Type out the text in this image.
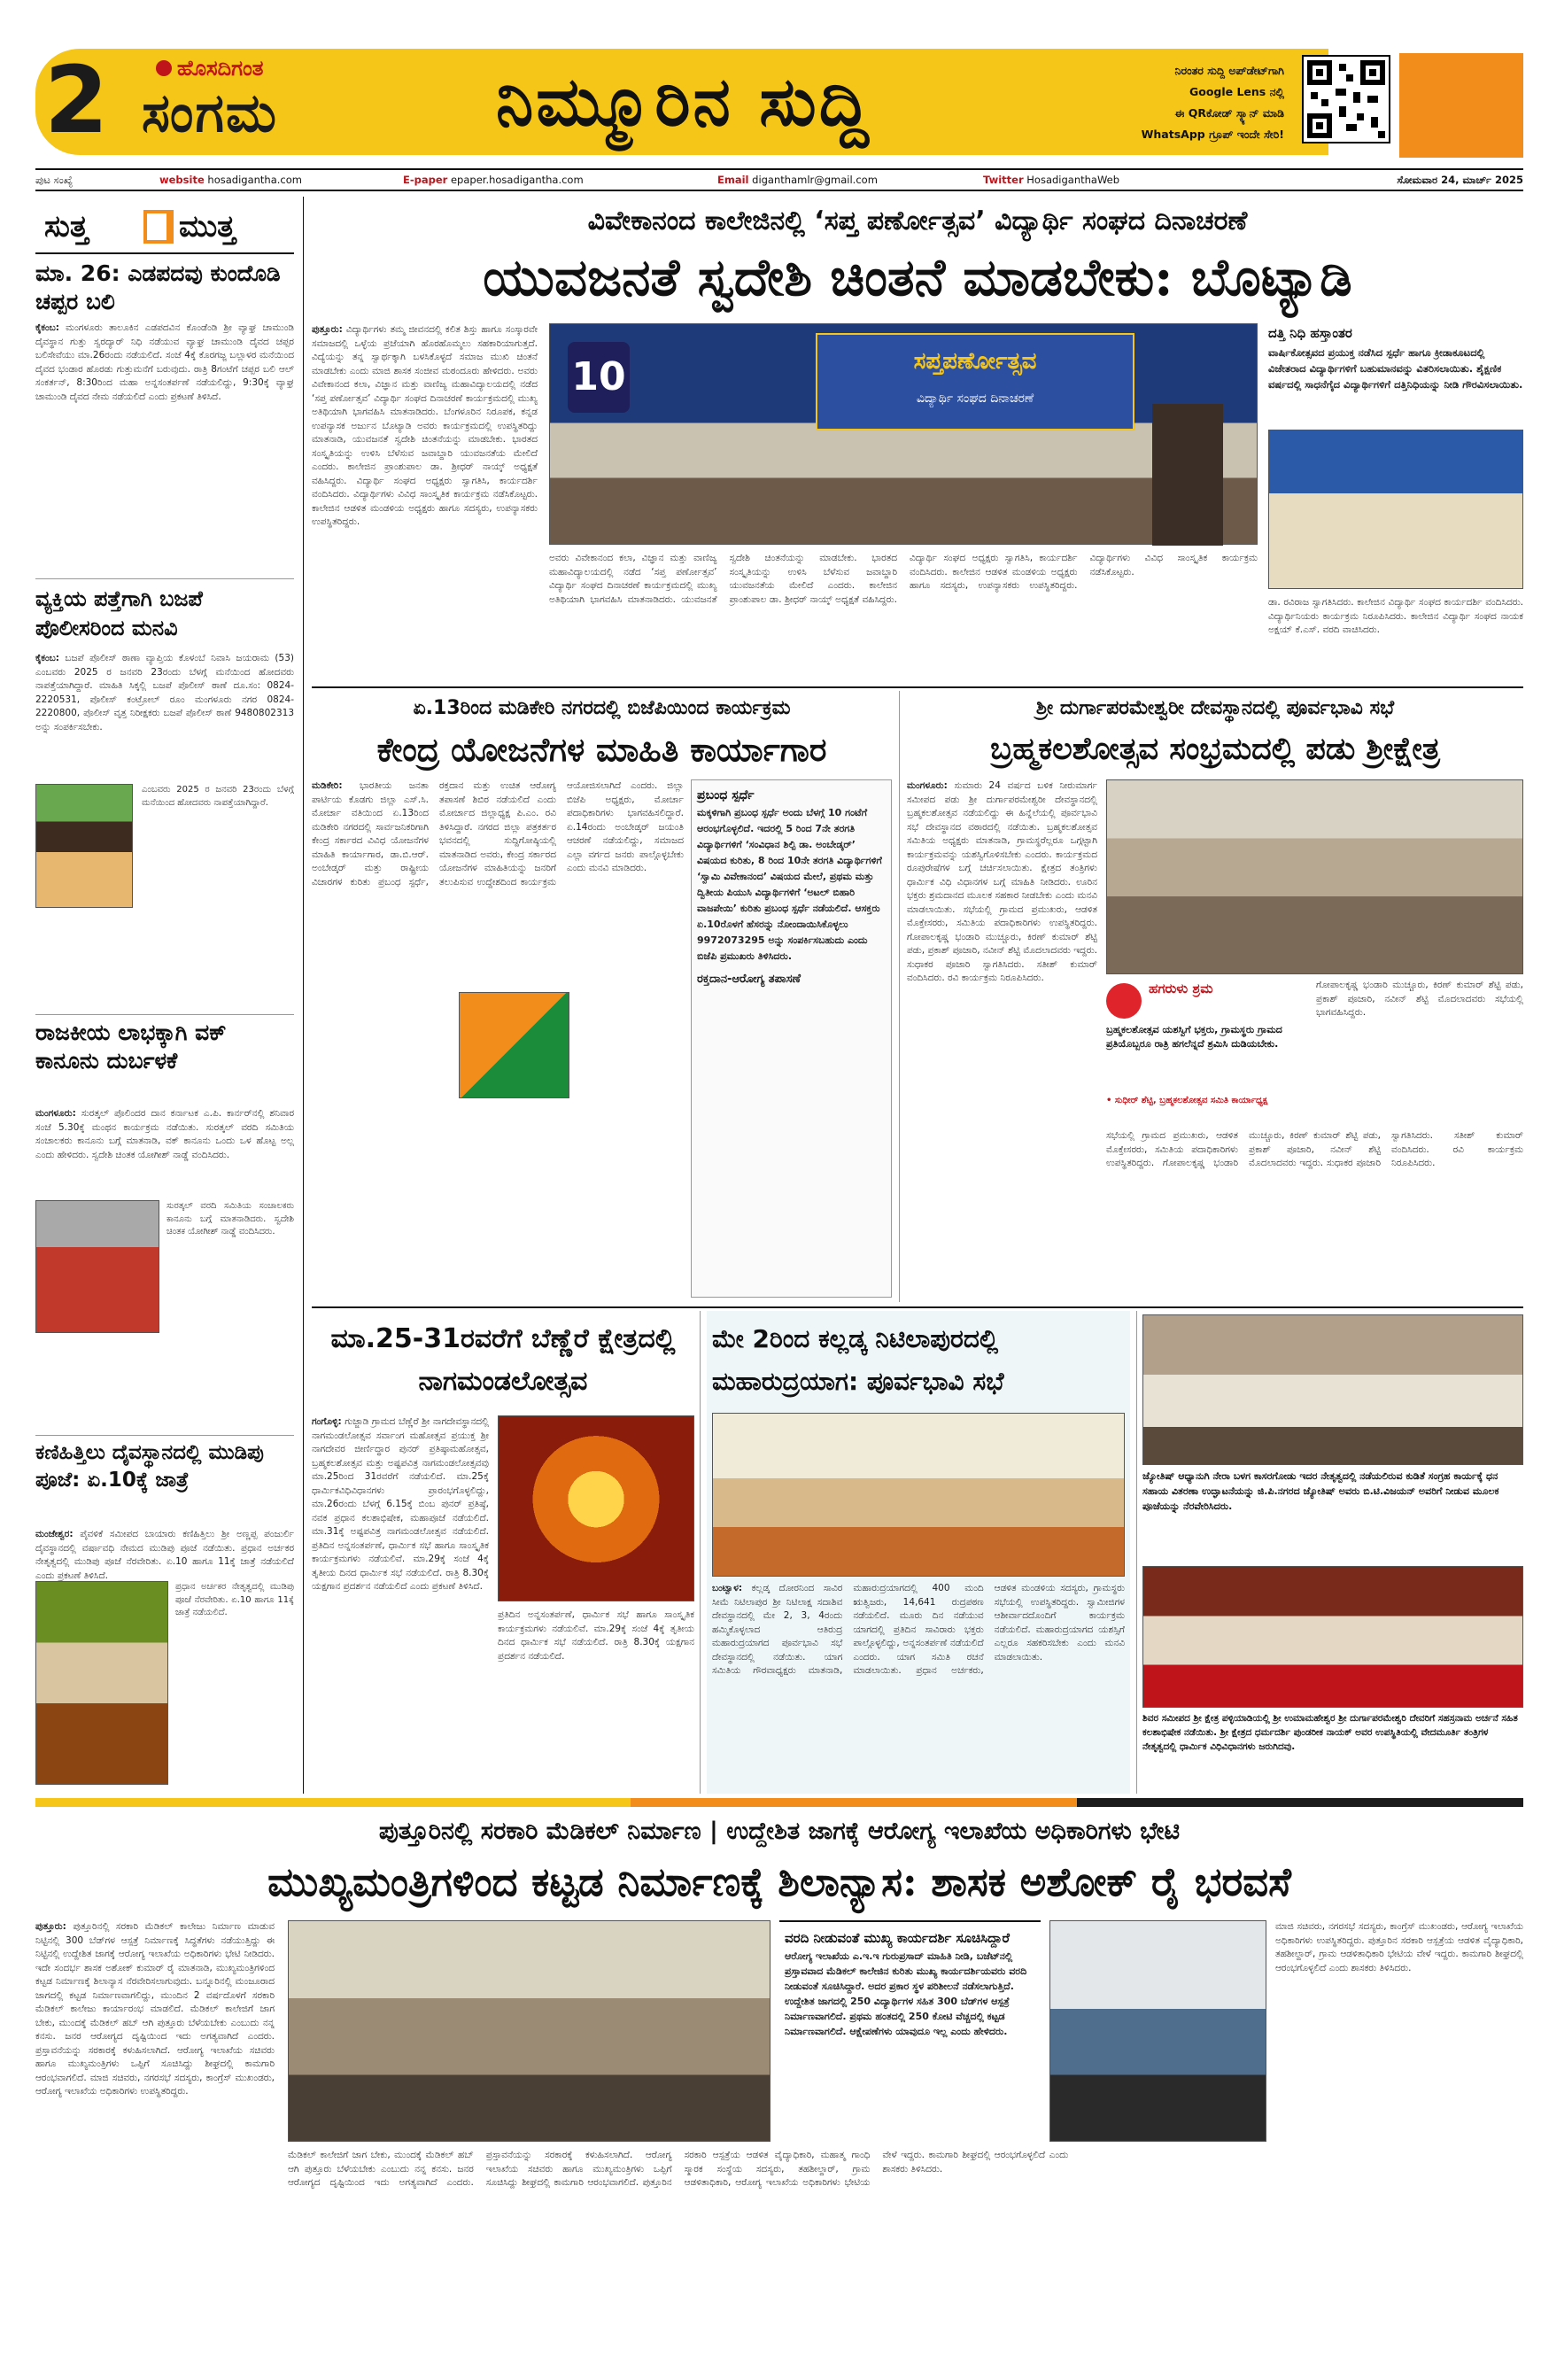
2	ಹೊಸದಿಗಂತ
ಸಂಗಮ	ನಿಮ್ಮೂರಿನ ಸುದ್ದಿ	ನಿರಂತರ ಸುದ್ದಿ ಅಪ್‌ಡೇಟ್‌ಗಾಗಿ
Google Lens ನಲ್ಲಿ
ಈ QRಕೋಡ್ ಸ್ಕ್ಯಾನ್ ಮಾಡಿ
WhatsApp ಗ್ರೂಪ್ ಇಂದೇ ಸೇರಿ!
ಪುಟ ಸಂಖ್ಯೆ	website hosadigantha.com	E-paper epaper.hosadigantha.com	Email diganthamlr@gmail.com	Twitter HosadiganthaWeb	ಸೋಮವಾರ 24, ಮಾರ್ಚ್ 2025
ಸುತ್ತ	ಮುತ್ತ
ಮಾ. 26: ಎಡಪದವು ಕುಂದೊಡಿ ಚಪ್ಪರ ಬಲಿ
ಕೈಕಂಬ: ಮಂಗಳೂರು ತಾಲೂಕಿನ ಎಡಪದವಿನ ಕೊಂಡೆಂಡಿ ಶ್ರೀ ವ್ಯಾಘ್ರ ಚಾಮುಂಡಿ ದೈವಸ್ಥಾನ ಗುತ್ತು ಸ್ವರದ್ಯಾರ್ ನಿಧಿ ನಡೆಯುವ ವ್ಯಾಘ್ರ ಚಾಮುಂಡಿ ದೈವದ ಚಪ್ಪರ ಬಲಿಸೇವೆಯು ಮಾ.26ರಂದು ನಡೆಯಲಿದೆ. ಸಂಜೆ 4ಕ್ಕೆ ಕೊರಗಜ್ಜ ಬಲ್ಲಾಳರ ಮನೆಯಿಂದ ದೈವದ ಭಂಡಾರ ಹೊರಡು ಗುತ್ತುಮನೆಗೆ ಬರುವುದು. ರಾತ್ರಿ 8ಗಂಟೆಗೆ ಚಪ್ಪರ ಬಲಿ ಆಲ್ ಸಂಕರ್ತನ್, 8:30ರಿಂದ ಮಹಾ ಅನ್ನಸಂತರ್ಪಣೆ ನಡೆಯಲಿದ್ದು, 9:30ಕ್ಕೆ ವ್ಯಾಘ್ರ ಚಾಮುಂಡಿ ದೈವದ ನೇಮ ನಡೆಯಲಿದೆ ಎಂದು ಪ್ರಕಟಣೆ ತಿಳಿಸಿದೆ.
ವ್ಯಕ್ತಿಯ ಪತ್ತೆಗಾಗಿ ಬಜಪೆ ಪೊಲೀಸರಿಂದ ಮನವಿ
ಕೈಕಂಬ: ಬಜಪೆ ಪೊಲೀಸ್ ಠಾಣಾ ವ್ಯಾಪ್ತಿಯ ಕೊಳಂಬೆ ನಿವಾಸಿ ಜಯರಾಮ (53) ಎಂಬವರು 2025 ರ ಜನವರಿ 23ರಂದು ಬೆಳಗ್ಗೆ ಮನೆಯಿಂದ ಹೋದವರು ನಾಪತ್ತೆಯಾಗಿದ್ದಾರೆ. ಮಾಹಿತಿ ಸಿಕ್ಕಲ್ಲಿ ಬಜಪೆ ಪೊಲೀಸ್ ಠಾಣೆ ದೂ.ಸಂ: 0824-2220531, ಪೊಲೀಸ್ ಕಂಟ್ರೋಲ್ ರೂಂ ಮಂಗಳೂರು ನಗರ 0824-2220800, ಪೊಲೀಸ್ ವೃತ್ತ ನಿರೀಕ್ಷಕರು ಬಜಪೆ ಪೊಲೀಸ್ ಠಾಣೆ 9480802313 ಅನ್ನು ಸಂಪರ್ಕಿಸಬೇಕು.
ಎಂಬವರು 2025 ರ ಜನವರಿ 23ರಂದು ಬೆಳಗ್ಗೆ ಮನೆಯಿಂದ ಹೋದವರು ನಾಪತ್ತೆಯಾಗಿದ್ದಾರೆ.
ರಾಜಕೀಯ ಲಾಭಕ್ಕಾಗಿ ವಕ್ ಕಾನೂನು ದುರ್ಬಳಕೆ
ಮಂಗಳೂರು: ಸುರತ್ಕಲ್ ಪೊಲಿಂದರ ದಾನ ಕರ್ನಾಟಕ ಎ.ಪಿ. ಕಾರ್ನರ್‌ನಲ್ಲಿ ಶನಿವಾರ ಸಂಜೆ 5.30ಕ್ಕೆ ಮಂಥನ ಕಾರ್ಯಕ್ರಮ ನಡೆಯಿತು. ಸುರತ್ಕಲ್ ವರದಿ ಸಮಿತಿಯ ಸಂಚಾಲಕರು ಕಾನೂನು ಬಗ್ಗೆ ಮಾತನಾಡಿ, ವಕ್ ಕಾನೂನು ಒಂದು ಒಳ ಹೊಟ್ಟ ಅಲ್ಲ ಎಂದು ಹೇಳಿದರು. ಸ್ವದೇಶಿ ಚಿಂತಕ ಯೋಗೀಶ್ ನಾಡ್ಡೆ ವಂದಿಸಿದರು.
ಸುರತ್ಕಲ್ ವರದಿ ಸಮಿತಿಯ ಸಂಚಾಲಕರು ಕಾನೂನು ಬಗ್ಗೆ ಮಾತನಾಡಿದರು. ಸ್ವದೇಶಿ ಚಿಂತಕ ಯೋಗೀಶ್ ನಾಡ್ಡೆ ವಂದಿಸಿದರು.
ಕಣಿಹಿತ್ತಿಲು ದೈವಸ್ಥಾನದಲ್ಲಿ ಮುಡಿಪು ಪೂಜೆ: ಏ.10ಕ್ಕೆ ಜಾತ್ರೆ
ಮಂಜೇಶ್ವರ: ಪೈವಳಿಕೆ ಸಮೀಪದ ಬಾಯಾರು ಕಣಿಹಿತ್ತಿಲು ಶ್ರೀ ಅಣ್ಣಪ್ಪ ಪಂಜುರ್ಲಿ ದೈವಸ್ಥಾನದಲ್ಲಿ ವರ್ಷಾವಧಿ ನೇಮದ ಮುಡಿಪು ಪೂಜೆ ನಡೆಯಿತು. ಪ್ರಧಾನ ಅರ್ಚಕರ ನೇತೃತ್ವದಲ್ಲಿ ಮುಡಿಪು ಪೂಜೆ ನೆರವೇರಿತು. ಏ.10 ಹಾಗೂ 11ಕ್ಕೆ ಜಾತ್ರೆ ನಡೆಯಲಿದೆ ಎಂದು ಪ್ರಕಟಣೆ ತಿಳಿಸಿದೆ.
ಪ್ರಧಾನ ಅರ್ಚಕರ ನೇತೃತ್ವದಲ್ಲಿ ಮುಡಿಪು ಪೂಜೆ ನೆರವೇರಿತು. ಏ.10 ಹಾಗೂ 11ಕ್ಕೆ ಜಾತ್ರೆ ನಡೆಯಲಿದೆ.
ವಿವೇಕಾನಂದ ಕಾಲೇಜಿನಲ್ಲಿ ‘ಸಪ್ತ ಪರ್ಣೋತ್ಸವ’ ವಿದ್ಯಾರ್ಥಿ ಸಂಘದ ದಿನಾಚರಣೆ
ಯುವಜನತೆ ಸ್ವದೇಶಿ ಚಿಂತನೆ ಮಾಡಬೇಕು: ಬೊಟ್ಯಾಡಿ
ಪುತ್ತೂರು: ವಿದ್ಯಾರ್ಥಿಗಳು ತಮ್ಮ ಜೀವನದಲ್ಲಿ ಕಲಿತ ಶಿಸ್ತು ಹಾಗೂ ಸಂಸ್ಕಾರವೇ ಸಮಾಜದಲ್ಲಿ ಒಳ್ಳೆಯ ಪ್ರಜೆಯಾಗಿ ಹೊರಹೊಮ್ಮಲು ಸಹಕಾರಿಯಾಗುತ್ತದೆ. ವಿದ್ಯೆಯನ್ನು ತನ್ನ ಸ್ವಾರ್ಥಕ್ಕಾಗಿ ಬಳಸಿಕೊಳ್ಳದೆ ಸಮಾಜ ಮುಖಿ ಚಿಂತನೆ ಮಾಡಬೇಕು ಎಂದು ಮಾಜಿ ಶಾಸಕ ಸಂಜೀವ ಮಠಂದೂರು ಹೇಳಿದರು. ಅವರು ವಿವೇಕಾನಂದ ಕಲಾ, ವಿಜ್ಞಾನ ಮತ್ತು ವಾಣಿಜ್ಯ ಮಹಾವಿದ್ಯಾಲಯದಲ್ಲಿ ನಡೆದ ‘ಸಪ್ತ ಪರ್ಣೋತ್ಸವ’ ವಿದ್ಯಾರ್ಥಿ ಸಂಘದ ದಿನಾಚರಣೆ ಕಾರ್ಯಕ್ರಮದಲ್ಲಿ ಮುಖ್ಯ ಅತಿಥಿಯಾಗಿ ಭಾಗವಹಿಸಿ ಮಾತನಾಡಿದರು. ಬೆಂಗಳೂರಿನ ನಿರೂಪಕ, ಕನ್ನಡ ಉಪನ್ಯಾಸಕ ಅರ್ಜುನ ಬೊಟ್ಯಾಡಿ ಅವರು ಕಾರ್ಯಕ್ರಮದಲ್ಲಿ ಉಪಸ್ಥಿತರಿದ್ದು ಮಾತನಾಡಿ, ಯುವಜನತೆ ಸ್ವದೇಶಿ ಚಿಂತನೆಯನ್ನು ಮಾಡಬೇಕು. ಭಾರತದ ಸಂಸ್ಕೃತಿಯನ್ನು ಉಳಿಸಿ ಬೆಳೆಸುವ ಜವಾಬ್ದಾರಿ ಯುವಜನತೆಯ ಮೇಲಿದೆ ಎಂದರು. ಕಾಲೇಜಿನ ಪ್ರಾಂಶುಪಾಲ ಡಾ. ಶ್ರೀಧರ್ ನಾಯ್ಕ್ ಅಧ್ಯಕ್ಷತೆ ವಹಿಸಿದ್ದರು. ವಿದ್ಯಾರ್ಥಿ ಸಂಘದ ಅಧ್ಯಕ್ಷರು ಸ್ವಾಗತಿಸಿ, ಕಾರ್ಯದರ್ಶಿ ವಂದಿಸಿದರು. ವಿದ್ಯಾರ್ಥಿಗಳು ವಿವಿಧ ಸಾಂಸ್ಕೃತಿಕ ಕಾರ್ಯಕ್ರಮ ನಡೆಸಿಕೊಟ್ಟರು. ಕಾಲೇಜಿನ ಆಡಳಿತ ಮಂಡಳಿಯ ಅಧ್ಯಕ್ಷರು ಹಾಗೂ ಸದಸ್ಯರು, ಉಪನ್ಯಾಸಕರು ಉಪಸ್ಥಿತರಿದ್ದರು.
ಸಪ್ತಪರ್ಣೋತ್ಸವ
ವಿದ್ಯಾರ್ಥಿ ಸಂಘದ ದಿನಾಚರಣೆ
10
ಅವರು ವಿವೇಕಾನಂದ ಕಲಾ, ವಿಜ್ಞಾನ ಮತ್ತು ವಾಣಿಜ್ಯ ಮಹಾವಿದ್ಯಾಲಯದಲ್ಲಿ ನಡೆದ ‘ಸಪ್ತ ಪರ್ಣೋತ್ಸವ’ ವಿದ್ಯಾರ್ಥಿ ಸಂಘದ ದಿನಾಚರಣೆ ಕಾರ್ಯಕ್ರಮದಲ್ಲಿ ಮುಖ್ಯ ಅತಿಥಿಯಾಗಿ ಭಾಗವಹಿಸಿ ಮಾತನಾಡಿದರು. ಯುವಜನತೆ ಸ್ವದೇಶಿ ಚಿಂತನೆಯನ್ನು ಮಾಡಬೇಕು. ಭಾರತದ ಸಂಸ್ಕೃತಿಯನ್ನು ಉಳಿಸಿ ಬೆಳೆಸುವ ಜವಾಬ್ದಾರಿ ಯುವಜನತೆಯ ಮೇಲಿದೆ ಎಂದರು. ಕಾಲೇಜಿನ ಪ್ರಾಂಶುಪಾಲ ಡಾ. ಶ್ರೀಧರ್ ನಾಯ್ಕ್ ಅಧ್ಯಕ್ಷತೆ ವಹಿಸಿದ್ದರು. ವಿದ್ಯಾರ್ಥಿ ಸಂಘದ ಅಧ್ಯಕ್ಷರು ಸ್ವಾಗತಿಸಿ, ಕಾರ್ಯದರ್ಶಿ ವಂದಿಸಿದರು. ಕಾಲೇಜಿನ ಆಡಳಿತ ಮಂಡಳಿಯ ಅಧ್ಯಕ್ಷರು ಹಾಗೂ ಸದಸ್ಯರು, ಉಪನ್ಯಾಸಕರು ಉಪಸ್ಥಿತರಿದ್ದರು. ವಿದ್ಯಾರ್ಥಿಗಳು ವಿವಿಧ ಸಾಂಸ್ಕೃತಿಕ ಕಾರ್ಯಕ್ರಮ ನಡೆಸಿಕೊಟ್ಟರು.
ದತ್ತಿ ನಿಧಿ ಹಸ್ತಾಂತರ
ವಾರ್ಷಿಕೋತ್ಸವದ ಪ್ರಯುಕ್ತ ನಡೆಸಿದ ಸ್ಪರ್ಧೆ ಹಾಗೂ ಕ್ರೀಡಾಕೂಟದಲ್ಲಿ ವಿಜೇತರಾದ ವಿದ್ಯಾರ್ಥಿಗಳಿಗೆ ಬಹುಮಾನವನ್ನು ವಿತರಿಸಲಾಯಿತು. ಶೈಕ್ಷಣಿಕ ವರ್ಷದಲ್ಲಿ ಸಾಧನೆಗೈದ ವಿದ್ಯಾರ್ಥಿಗಳಿಗೆ ದತ್ತಿನಿಧಿಯನ್ನು ನೀಡಿ ಗೌರವಿಸಲಾಯಿತು.
ಡಾ. ರವಿರಾಜ ಸ್ವಾಗತಿಸಿದರು. ಕಾಲೇಜಿನ ವಿದ್ಯಾರ್ಥಿ ಸಂಘದ ಕಾರ್ಯದರ್ಶಿ ವಂದಿಸಿದರು. ವಿದ್ಯಾರ್ಥಿನಿಯರು ಕಾರ್ಯಕ್ರಮ ನಿರೂಪಿಸಿದರು. ಕಾಲೇಜಿನ ವಿದ್ಯಾರ್ಥಿ ಸಂಘದ ನಾಯಕ ಅಕ್ಷಯ್ ಕೆ.ಎಸ್. ವರದಿ ವಾಚಿಸಿದರು.
ಏ.13ರಿಂದ ಮಡಿಕೇರಿ ನಗರದಲ್ಲಿ ಬಿಜೆಪಿಯಿಂದ ಕಾರ್ಯಕ್ರಮ
ಕೇಂದ್ರ ಯೋಜನೆಗಳ ಮಾಹಿತಿ ಕಾರ್ಯಾಗಾರ
ಮಡಿಕೇರಿ: ಭಾರತೀಯ ಜನತಾ ಪಾರ್ಟಿಯ ಕೊಡಗು ಜಿಲ್ಲಾ ಎಸ್.ಸಿ. ಮೋರ್ಚಾ ವತಿಯಿಂದ ಏ.13ರಿಂದ ಮಡಿಕೇರಿ ನಗರದಲ್ಲಿ ಸಾರ್ವಜನಿಕರಿಗಾಗಿ ಕೇಂದ್ರ ಸರ್ಕಾರದ ವಿವಿಧ ಯೋಜನೆಗಳ ಮಾಹಿತಿ ಕಾರ್ಯಾಗಾರ, ಡಾ.ಬಿ.ಆರ್. ಅಂಬೇಡ್ಕರ್ ಮತ್ತು ರಾಷ್ಟ್ರೀಯ ವಿಚಾರಗಳ ಕುರಿತು ಪ್ರಬಂಧ ಸ್ಪರ್ಧೆ, ರಕ್ತದಾನ ಮತ್ತು ಉಚಿತ ಆರೋಗ್ಯ ತಪಾಸಣೆ ಶಿಬಿರ ನಡೆಯಲಿದೆ ಎಂದು ಮೋರ್ಚಾದ ಜಿಲ್ಲಾಧ್ಯಕ್ಷ ಪಿ.ಎಂ. ರವಿ ತಿಳಿಸಿದ್ದಾರೆ. ನಗರದ ಜಿಲ್ಲಾ ಪತ್ರಕರ್ತರ ಭವನದಲ್ಲಿ ಸುದ್ದಿಗೋಷ್ಠಿಯಲ್ಲಿ ಮಾತನಾಡಿದ ಅವರು, ಕೇಂದ್ರ ಸರ್ಕಾರದ ಯೋಜನೆಗಳ ಮಾಹಿತಿಯನ್ನು ಜನರಿಗೆ ತಲುಪಿಸುವ ಉದ್ದೇಶದಿಂದ ಕಾರ್ಯಕ್ರಮ ಆಯೋಜಿಸಲಾಗಿದೆ ಎಂದರು. ಜಿಲ್ಲಾ ಬಿಜೆಪಿ ಅಧ್ಯಕ್ಷರು, ಮೋರ್ಚಾ ಪದಾಧಿಕಾರಿಗಳು ಭಾಗವಹಿಸಲಿದ್ದಾರೆ. ಏ.14ರಂದು ಅಂಬೇಡ್ಕರ್ ಜಯಂತಿ ಆಚರಣೆ ನಡೆಯಲಿದ್ದು, ಸಮಾಜದ ಎಲ್ಲಾ ವರ್ಗದ ಜನರು ಪಾಲ್ಗೊಳ್ಳಬೇಕು ಎಂದು ಮನವಿ ಮಾಡಿದರು.
ಪ್ರಬಂಧ ಸ್ಪರ್ಧೆ
ಮಕ್ಕಳಿಗಾಗಿ ಪ್ರಬಂಧ ಸ್ಪರ್ಧೆ ಅಂದು ಬೆಳಗ್ಗೆ 10 ಗಂಟೆಗೆ ಆರಂಭಗೊಳ್ಳಲಿದೆ. ಇದರಲ್ಲಿ 5 ರಿಂದ 7ನೇ ತರಗತಿ ವಿದ್ಯಾರ್ಥಿಗಳಿಗೆ ‘ಸಂವಿಧಾನ ಶಿಲ್ಪಿ ಡಾ. ಅಂಬೇಡ್ಕರ್’ ವಿಷಯದ ಕುರಿತು, 8 ರಿಂದ 10ನೇ ತರಗತಿ ವಿದ್ಯಾರ್ಥಿಗಳಿಗೆ ‘ಸ್ವಾಮಿ ವಿವೇಕಾನಂದ’ ವಿಷಯದ ಮೇಲೆ, ಪ್ರಥಮ ಮತ್ತು ದ್ವಿತೀಯ ಪಿಯುಸಿ ವಿದ್ಯಾರ್ಥಿಗಳಿಗೆ ‘ಅಟಲ್ ಬಿಹಾರಿ ವಾಜಪೇಯಿ’ ಕುರಿತು ಪ್ರಬಂಧ ಸ್ಪರ್ಧೆ ನಡೆಯಲಿದೆ. ಆಸಕ್ತರು ಏ.10ರೊಳಗೆ ಹೆಸರನ್ನು ನೋಂದಾಯಿಸಿಕೊಳ್ಳಲು 9972073295 ಅನ್ನು ಸಂಪರ್ಕಿಸಬಹುದು ಎಂದು ಬಿಜೆಪಿ ಪ್ರಮುಖರು ತಿಳಿಸಿದರು.
ರಕ್ತದಾನ-ಆರೋಗ್ಯ ತಪಾಸಣೆ
ಶ್ರೀ ದುರ್ಗಾಪರಮೇಶ್ವರೀ ದೇವಸ್ಥಾನದಲ್ಲಿ ಪೂರ್ವಭಾವಿ ಸಭೆ
ಬ್ರಹ್ಮಕಲಶೋತ್ಸವ ಸಂಭ್ರಮದಲ್ಲಿ ಪಡು ಶ್ರೀಕ್ಷೇತ್ರ
ಮಂಗಳೂರು: ಸುಮಾರು 24 ವರ್ಷದ ಬಳಿಕ ನೀರುಮಾರ್ಗ ಸಮೀಪದ ಪಡು ಶ್ರೀ ದುರ್ಗಾಪರಮೇಶ್ವರೀ ದೇವಸ್ಥಾನದಲ್ಲಿ ಬ್ರಹ್ಮಕಲಶೋತ್ಸವ ನಡೆಯಲಿದ್ದು ಈ ಹಿನ್ನೆಲೆಯಲ್ಲಿ ಪೂರ್ವಭಾವಿ ಸಭೆ ದೇವಸ್ಥಾನದ ವಠಾರದಲ್ಲಿ ನಡೆಯಿತು. ಬ್ರಹ್ಮಕಲಶೋತ್ಸವ ಸಮಿತಿಯ ಅಧ್ಯಕ್ಷರು ಮಾತನಾಡಿ, ಗ್ರಾಮಸ್ಥರೆಲ್ಲರೂ ಒಗ್ಗಟ್ಟಾಗಿ ಕಾರ್ಯಕ್ರಮವನ್ನು ಯಶಸ್ವಿಗೊಳಿಸಬೇಕು ಎಂದರು. ಕಾರ್ಯಕ್ರಮದ ರೂಪುರೇಷೆಗಳ ಬಗ್ಗೆ ಚರ್ಚಿಸಲಾಯಿತು. ಕ್ಷೇತ್ರದ ತಂತ್ರಿಗಳು ಧಾರ್ಮಿಕ ವಿಧಿ ವಿಧಾನಗಳ ಬಗ್ಗೆ ಮಾಹಿತಿ ನೀಡಿದರು. ಊರಿನ ಭಕ್ತರು ಶ್ರಮದಾನದ ಮೂಲಕ ಸಹಕಾರ ನೀಡಬೇಕು ಎಂದು ಮನವಿ ಮಾಡಲಾಯಿತು. ಸಭೆಯಲ್ಲಿ ಗ್ರಾಮದ ಪ್ರಮುಖರು, ಆಡಳಿತ ಮೊಕ್ತೇಸರರು, ಸಮಿತಿಯ ಪದಾಧಿಕಾರಿಗಳು ಉಪಸ್ಥಿತರಿದ್ದರು. ಗೋಪಾಲಕೃಷ್ಣ ಭಂಡಾರಿ ಮುಚ್ಚೂರು, ಕಿರಣ್ ಕುಮಾರ್ ಶೆಟ್ಟಿ ಪಡು, ಪ್ರಕಾಶ್ ಪೂಜಾರಿ, ನವೀನ್ ಶೆಟ್ಟಿ ಮೊದಲಾದವರು ಇದ್ದರು. ಸುಧಾಕರ ಪೂಜಾರಿ ಸ್ವಾಗತಿಸಿದರು. ಸತೀಶ್ ಕುಮಾರ್ ವಂದಿಸಿದರು. ರವಿ ಕಾರ್ಯಕ್ರಮ ನಿರೂಪಿಸಿದರು.
ಹಗರುಳು ಶ್ರಮ
ಬ್ರಹ್ಮಕಲಶೋತ್ಸವ ಯಶಸ್ವಿಗೆ ಭಕ್ತರು, ಗ್ರಾಮಸ್ಥರು ಗ್ರಾಮದ ಪ್ರತಿಯೊಬ್ಬರೂ ರಾತ್ರಿ ಹಗಲೆನ್ನದೆ ಶ್ರಮಿಸಿ ದುಡಿಯಬೇಕು.
• ಸುಧೀರ್ ಶೆಟ್ಟಿ, ಬ್ರಹ್ಮಕಲಶೋತ್ಸವ ಸಮಿತಿ ಕಾರ್ಯಾಧ್ಯಕ್ಷ
ಸಭೆಯಲ್ಲಿ ಗ್ರಾಮದ ಪ್ರಮುಖರು, ಆಡಳಿತ ಮೊಕ್ತೇಸರರು, ಸಮಿತಿಯ ಪದಾಧಿಕಾರಿಗಳು ಉಪಸ್ಥಿತರಿದ್ದರು. ಗೋಪಾಲಕೃಷ್ಣ ಭಂಡಾರಿ ಮುಚ್ಚೂರು, ಕಿರಣ್ ಕುಮಾರ್ ಶೆಟ್ಟಿ ಪಡು, ಪ್ರಕಾಶ್ ಪೂಜಾರಿ, ನವೀನ್ ಶೆಟ್ಟಿ ಮೊದಲಾದವರು ಇದ್ದರು. ಸುಧಾಕರ ಪೂಜಾರಿ ಸ್ವಾಗತಿಸಿದರು. ಸತೀಶ್ ಕುಮಾರ್ ವಂದಿಸಿದರು. ರವಿ ಕಾರ್ಯಕ್ರಮ ನಿರೂಪಿಸಿದರು.
ಗೋಪಾಲಕೃಷ್ಣ ಭಂಡಾರಿ ಮುಚ್ಚೂರು, ಕಿರಣ್ ಕುಮಾರ್ ಶೆಟ್ಟಿ ಪಡು, ಪ್ರಕಾಶ್ ಪೂಜಾರಿ, ನವೀನ್ ಶೆಟ್ಟಿ ಮೊದಲಾದವರು ಸಭೆಯಲ್ಲಿ ಭಾಗವಹಿಸಿದ್ದರು.
ಮಾ.25-31ರವರೆಗೆ ಬೆಣ್ಣೆರೆ ಕ್ಷೇತ್ರದಲ್ಲಿ ನಾಗಮಂಡಲೋತ್ಸವ
ಗಂಗೊಳ್ಳಿ: ಗುಜ್ಜಾಡಿ ಗ್ರಾಮದ ಬೆಣ್ಣೆರೆ ಶ್ರೀ ನಾಗದೇವಸ್ಥಾನದಲ್ಲಿ ನಾಗಮಂಡಲೋತ್ಸವ ಸರ್ವಾಂಗ ಮಹೋತ್ಸವ ಪ್ರಯುಕ್ತ ಶ್ರೀ ನಾಗದೇವರ ಜೀರ್ಣಿದ್ಧಾರ ಪುನರ್ ಪ್ರತಿಷ್ಠಾಮಹೋತ್ಸವ, ಬ್ರಹ್ಮಕಲಶೋತ್ಸವ ಮತ್ತು ಅಷ್ಟಪವಿತ್ರ ನಾಗಮಂಡಲೋತ್ಸವವು ಮಾ.25ರಿಂದ 31ರವರೆಗೆ ನಡೆಯಲಿದೆ. ಮಾ.25ಕ್ಕೆ ಧಾರ್ಮಿಕವಿಧಿವಿಧಾನಗಳು ಪ್ರಾರಂಭಗೊಳ್ಳಲಿದ್ದು, ಮಾ.26ರಂದು ಬೆಳಗ್ಗೆ 6.15ಕ್ಕೆ ಬಿಂಬ ಪುನರ್ ಪ್ರತಿಷ್ಠೆ, ನವಕ ಪ್ರಧಾನ ಕಲಶಾಭಿಷೇಕ, ಮಹಾಪೂಜೆ ನಡೆಯಲಿದೆ. ಮಾ.31ಕ್ಕೆ ಅಷ್ಟಪವಿತ್ರ ನಾಗಮಂಡಲೋತ್ಸವ ನಡೆಯಲಿದೆ. ಪ್ರತಿದಿನ ಅನ್ನಸಂತರ್ಪಣೆ, ಧಾರ್ಮಿಕ ಸಭೆ ಹಾಗೂ ಸಾಂಸ್ಕೃತಿಕ ಕಾರ್ಯಕ್ರಮಗಳು ನಡೆಯಲಿವೆ. ಮಾ.29ಕ್ಕೆ ಸಂಜೆ 4ಕ್ಕೆ ತೃತೀಯ ದಿನದ ಧಾರ್ಮಿಕ ಸಭೆ ನಡೆಯಲಿದೆ. ರಾತ್ರಿ 8.30ಕ್ಕೆ ಯಕ್ಷಗಾನ ಪ್ರದರ್ಶನ ನಡೆಯಲಿದೆ ಎಂದು ಪ್ರಕಟಣೆ ತಿಳಿಸಿದೆ.
ಪ್ರತಿದಿನ ಅನ್ನಸಂತರ್ಪಣೆ, ಧಾರ್ಮಿಕ ಸಭೆ ಹಾಗೂ ಸಾಂಸ್ಕೃತಿಕ ಕಾರ್ಯಕ್ರಮಗಳು ನಡೆಯಲಿವೆ. ಮಾ.29ಕ್ಕೆ ಸಂಜೆ 4ಕ್ಕೆ ತೃತೀಯ ದಿನದ ಧಾರ್ಮಿಕ ಸಭೆ ನಡೆಯಲಿದೆ. ರಾತ್ರಿ 8.30ಕ್ಕೆ ಯಕ್ಷಗಾನ ಪ್ರದರ್ಶನ ನಡೆಯಲಿದೆ.
ಮೇ 2ರಿಂದ ಕಲ್ಲಡ್ಕ ನಿಟಿಲಾಪುರದಲ್ಲಿ ಮಹಾರುದ್ರಯಾಗ: ಪೂರ್ವಭಾವಿ ಸಭೆ
ಬಂಟ್ವಾಳ: ಕಲ್ಲಡ್ಕ ದೋರನಿಂದ ಸಾವಿರ ಸೀಮೆ ನಿಟಿಲಾಪುರ ಶ್ರೀ ನಿಟಿಲಾಕ್ಷ ಸದಾಶಿವ ದೇವಸ್ಥಾನದಲ್ಲಿ ಮೇ 2, 3, 4ರಂದು ಹಮ್ಮಿಕೊಳ್ಳಲಾದ ಆತಿರುದ್ರ ಮಹಾರುದ್ರಯಾಗದ ಪೂರ್ವಭಾವಿ ಸಭೆ ದೇವಸ್ಥಾನದಲ್ಲಿ ನಡೆಯಿತು. ಯಾಗ ಸಮಿತಿಯ ಗೌರವಾಧ್ಯಕ್ಷರು ಮಾತನಾಡಿ, ಮಹಾರುದ್ರಯಾಗದಲ್ಲಿ 400 ಮಂದಿ ಋತ್ವಿಜರು, 14,641 ರುದ್ರಪಠಣ ನಡೆಯಲಿದೆ. ಮೂರು ದಿನ ನಡೆಯುವ ಯಾಗದಲ್ಲಿ ಪ್ರತಿದಿನ ಸಾವಿರಾರು ಭಕ್ತರು ಪಾಲ್ಗೊಳ್ಳಲಿದ್ದು, ಅನ್ನಸಂತರ್ಪಣೆ ನಡೆಯಲಿದೆ ಎಂದರು. ಯಾಗ ಸಮಿತಿ ರಚನೆ ಮಾಡಲಾಯಿತು. ಪ್ರಧಾನ ಅರ್ಚಕರು, ಆಡಳಿತ ಮಂಡಳಿಯ ಸದಸ್ಯರು, ಗ್ರಾಮಸ್ಥರು ಸಭೆಯಲ್ಲಿ ಉಪಸ್ಥಿತರಿದ್ದರು. ಸ್ವಾಮೀಜಿಗಳ ಆಶೀರ್ವಾದದೊಂದಿಗೆ ಕಾರ್ಯಕ್ರಮ ನಡೆಯಲಿದೆ. ಮಹಾರುದ್ರಯಾಗದ ಯಶಸ್ಸಿಗೆ ಎಲ್ಲರೂ ಸಹಕರಿಸಬೇಕು ಎಂದು ಮನವಿ ಮಾಡಲಾಯಿತು.
ಜ್ಯೋತಿಷ್ ಆಧ್ಯಾನುಗಿ ನೇರಾ ಬಳಗ ಕಾಸರಗೋಡು ಇದರ ನೇತೃತ್ವದಲ್ಲಿ ನಡೆಯಲಿರುವ ಕುಡಿತೆ ಸಂಗ್ರಹ ಕಾರ್ಯಕ್ಕೆ ಧನ ಸಹಾಯ ವಿತರಣಾ ಉದ್ಘಾಟನೆಯನ್ನು ಜಿ.ಪಿ.ನಗರದ ಜ್ಯೋತಿಷ್ ಅವರು ಬಿ.ಟಿ.ವಿಜಯನ್ ಅವರಿಗೆ ನೀಡುವ ಮೂಲಕ ಪೂಜೆಯನ್ನು ನೆರವೇರಿಸಿದರು.
ಶಿವರ ಸಮೀಪದ ಶ್ರೀ ಕ್ಷೇತ್ರ ಪಳ್ಳಿಯಾಡಿಯಲ್ಲಿ ಶ್ರೀ ಉಮಾಮಹೇಶ್ವರ ಶ್ರೀ ದುರ್ಗಾಪರಮೇಶ್ವರಿ ದೇವರಿಗೆ ಸಹಸ್ರನಾಮ ಅರ್ಚನೆ ಸಹಿತ ಕಲಶಾಭಿಷೇಕ ನಡೆಯಿತು. ಶ್ರೀ ಕ್ಷೇತ್ರದ ಧರ್ಮದರ್ಶಿ ಪುಂಡರೀಕ ನಾಯಕ್ ಅವರ ಉಪಸ್ಥಿತಿಯಲ್ಲಿ ವೇದಮೂರ್ತಿ ತಂತ್ರಿಗಳ ನೇತೃತ್ವದಲ್ಲಿ ಧಾರ್ಮಿಕ ವಿಧಿವಿಧಾನಗಳು ಜರುಗಿದವು.
ಪುತ್ತೂರಿನಲ್ಲಿ ಸರಕಾರಿ ಮೆಡಿಕಲ್ ನಿರ್ಮಾಣ | ಉದ್ದೇಶಿತ ಜಾಗಕ್ಕೆ ಆರೋಗ್ಯ ಇಲಾಖೆಯ ಅಧಿಕಾರಿಗಳು ಭೇಟಿ
ಮುಖ್ಯಮಂತ್ರಿಗಳಿಂದ ಕಟ್ಟಡ ನಿರ್ಮಾಣಕ್ಕೆ ಶಿಲಾನ್ಯಾಸ: ಶಾಸಕ ಅಶೋಕ್ ರೈ ಭರವಸೆ
ಪುತ್ತೂರು: ಪುತ್ತೂರಿನಲ್ಲಿ ಸರಕಾರಿ ಮೆಡಿಕಲ್ ಕಾಲೇಜು ನಿರ್ಮಾಣ ಮಾಡುವ ನಿಟ್ಟಿನಲ್ಲಿ 300 ಬೆಡ್‌ಗಳ ಆಸ್ಪತ್ರೆ ನಿರ್ಮಾಣಕ್ಕೆ ಸಿದ್ಧತೆಗಳು ನಡೆಯುತ್ತಿದ್ದು ಈ ನಿಟ್ಟಿನಲ್ಲಿ ಉದ್ದೇಶಿತ ಜಾಗಕ್ಕೆ ಆರೋಗ್ಯ ಇಲಾಖೆಯ ಅಧಿಕಾರಿಗಳು ಭೇಟಿ ನೀಡಿದರು. ಇದೇ ಸಂದರ್ಭ ಶಾಸಕ ಅಶೋಕ್ ಕುಮಾರ್ ರೈ ಮಾತನಾಡಿ, ಮುಖ್ಯಮಂತ್ರಿಗಳಿಂದ ಕಟ್ಟಡ ನಿರ್ಮಾಣಕ್ಕೆ ಶಿಲಾನ್ಯಾಸ ನೆರವೇರಿಸಲಾಗುವುದು. ಬನ್ನೂರಿನಲ್ಲಿ ಮಂಜೂರಾದ ಜಾಗದಲ್ಲಿ ಕಟ್ಟಡ ನಿರ್ಮಾಣವಾಗಲಿದ್ದು, ಮುಂದಿನ 2 ವರ್ಷದೊಳಗೆ ಸರಕಾರಿ ಮೆಡಿಕಲ್ ಕಾಲೇಜು ಕಾರ್ಯಾರಂಭ ಮಾಡಲಿದೆ. ಮೆಡಿಕಲ್ ಕಾಲೇಜಿಗೆ ಜಾಗ ಬೇಕು, ಮುಂದಕ್ಕೆ ಮೆಡಿಕಲ್ ಹಬ್ ಆಗಿ ಪುತ್ತೂರು ಬೆಳೆಯಬೇಕು ಎಂಬುದು ನನ್ನ ಕನಸು. ಜನರ ಆರೋಗ್ಯದ ದೃಷ್ಟಿಯಿಂದ ಇದು ಅಗತ್ಯವಾಗಿದೆ ಎಂದರು. ಪ್ರಸ್ತಾವನೆಯನ್ನು ಸರಕಾರಕ್ಕೆ ಕಳುಹಿಸಲಾಗಿದೆ. ಆರೋಗ್ಯ ಇಲಾಖೆಯ ಸಚಿವರು ಹಾಗೂ ಮುಖ್ಯಮಂತ್ರಿಗಳು ಒಪ್ಪಿಗೆ ಸೂಚಿಸಿದ್ದು ಶೀಘ್ರದಲ್ಲಿ ಕಾಮಗಾರಿ ಆರಂಭವಾಗಲಿದೆ. ಮಾಜಿ ಸಚಿವರು, ನಗರಸಭೆ ಸದಸ್ಯರು, ಕಾಂಗ್ರೆಸ್ ಮುಖಂಡರು, ಆರೋಗ್ಯ ಇಲಾಖೆಯ ಅಧಿಕಾರಿಗಳು ಉಪಸ್ಥಿತರಿದ್ದರು.
ವರದಿ ನೀಡುವಂತೆ ಮುಖ್ಯ ಕಾರ್ಯದರ್ಶಿ ಸೂಚಿಸಿದ್ದಾರೆ
ಆರೋಗ್ಯ ಇಲಾಖೆಯ ಎ.ಇ.ಇ ಗುರುಪ್ರಸಾದ್ ಮಾಹಿತಿ ನೀಡಿ, ಬಜೆಟ್‌ನಲ್ಲಿ ಪ್ರಸ್ತಾವವಾದ ಮೆಡಿಕಲ್ ಕಾಲೇಜಿನ ಕುರಿತು ಮುಖ್ಯ ಕಾರ್ಯದರ್ಶಿಯವರು ವರದಿ ನೀಡುವಂತೆ ಸೂಚಿಸಿದ್ದಾರೆ. ಅದರ ಪ್ರಕಾರ ಸ್ಥಳ ಪರಿಶೀಲನೆ ನಡೆಸಲಾಗುತ್ತಿದೆ. ಉದ್ದೇಶಿತ ಜಾಗದಲ್ಲಿ 250 ವಿದ್ಯಾರ್ಥಿಗಳ ಸಹಿತ 300 ಬೆಡ್‌ಗಳ ಆಸ್ಪತ್ರೆ ನಿರ್ಮಾಣವಾಗಲಿದೆ. ಪ್ರಥಮ ಹಂತದಲ್ಲಿ 250 ಕೋಟಿ ವೆಚ್ಚದಲ್ಲಿ ಕಟ್ಟಡ ನಿರ್ಮಾಣವಾಗಲಿದೆ. ಆಕ್ಷೇಪಣೆಗಳು ಯಾವುದೂ ಇಲ್ಲ ಎಂದು ಹೇಳಿದರು.
ಮೆಡಿಕಲ್ ಕಾಲೇಜಿಗೆ ಜಾಗ ಬೇಕು, ಮುಂದಕ್ಕೆ ಮೆಡಿಕಲ್ ಹಬ್ ಆಗಿ ಪುತ್ತೂರು ಬೆಳೆಯಬೇಕು ಎಂಬುದು ನನ್ನ ಕನಸು. ಜನರ ಆರೋಗ್ಯದ ದೃಷ್ಟಿಯಿಂದ ಇದು ಅಗತ್ಯವಾಗಿದೆ ಎಂದರು. ಪ್ರಸ್ತಾವನೆಯನ್ನು ಸರಕಾರಕ್ಕೆ ಕಳುಹಿಸಲಾಗಿದೆ. ಆರೋಗ್ಯ ಇಲಾಖೆಯ ಸಚಿವರು ಹಾಗೂ ಮುಖ್ಯಮಂತ್ರಿಗಳು ಒಪ್ಪಿಗೆ ಸೂಚಿಸಿದ್ದು ಶೀಘ್ರದಲ್ಲಿ ಕಾಮಗಾರಿ ಆರಂಭವಾಗಲಿದೆ. ಪುತ್ತೂರಿನ ಸರಕಾರಿ ಆಸ್ಪತ್ರೆಯ ಆಡಳಿತ ವೈದ್ಯಾಧಿಕಾರಿ, ಮಹಾತ್ಮ ಗಾಂಧಿ ಸ್ಮಾರಕ ಸಂಸ್ಥೆಯ ಸದಸ್ಯರು, ತಹಶೀಲ್ದಾರ್, ಗ್ರಾಮ ಆಡಳಿತಾಧಿಕಾರಿ, ಆರೋಗ್ಯ ಇಲಾಖೆಯ ಅಧಿಕಾರಿಗಳು ಭೇಟಿಯ ವೇಳೆ ಇದ್ದರು. ಕಾಮಗಾರಿ ಶೀಘ್ರದಲ್ಲಿ ಆರಂಭಗೊಳ್ಳಲಿದೆ ಎಂದು ಶಾಸಕರು ತಿಳಿಸಿದರು.
ಮಾಜಿ ಸಚಿವರು, ನಗರಸಭೆ ಸದಸ್ಯರು, ಕಾಂಗ್ರೆಸ್ ಮುಖಂಡರು, ಆರೋಗ್ಯ ಇಲಾಖೆಯ ಅಧಿಕಾರಿಗಳು ಉಪಸ್ಥಿತರಿದ್ದರು. ಪುತ್ತೂರಿನ ಸರಕಾರಿ ಆಸ್ಪತ್ರೆಯ ಆಡಳಿತ ವೈದ್ಯಾಧಿಕಾರಿ, ತಹಶೀಲ್ದಾರ್, ಗ್ರಾಮ ಆಡಳಿತಾಧಿಕಾರಿ ಭೇಟಿಯ ವೇಳೆ ಇದ್ದರು. ಕಾಮಗಾರಿ ಶೀಘ್ರದಲ್ಲಿ ಆರಂಭಗೊಳ್ಳಲಿದೆ ಎಂದು ಶಾಸಕರು ತಿಳಿಸಿದರು.
